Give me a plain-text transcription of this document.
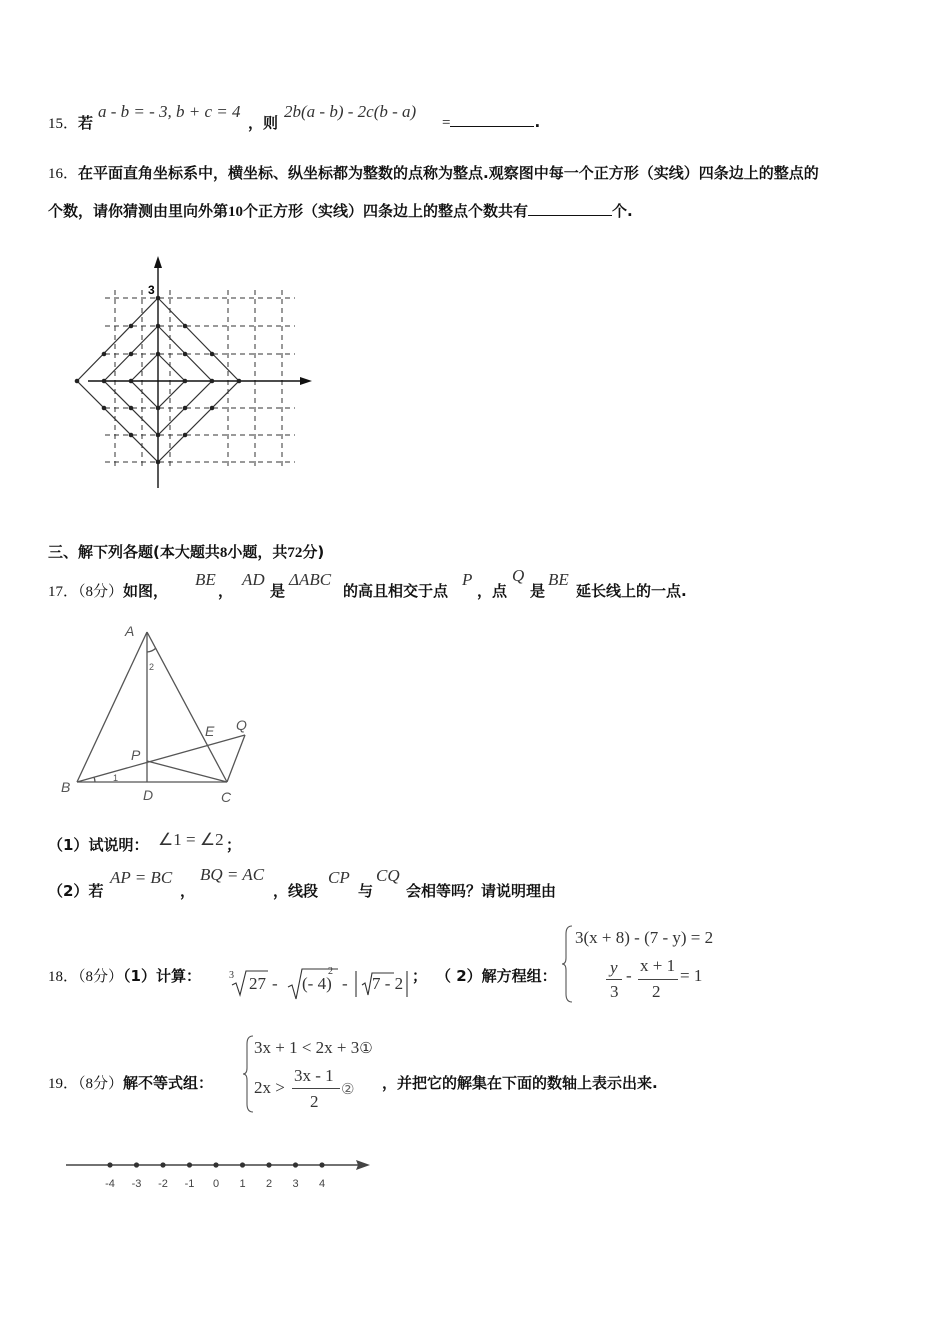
15．若
a - b = - 3, b + c = 4
，则
2b(a - b) - 2c(b - a)
=	.
16．在平面直角坐标系中，横坐标、纵坐标都为整数的点称为整点.观察图中每一个正方形（实线）四条边上的整点的
个数，请你猜测由里向外第10个正方形（实线）四条边上的整点个数共有	个.
3
三、解下列各题(本大题共8小题，共72分)
17．（8分）如图，
BE
，
AD
是
ΔABC
的高且相交于点
P
，点
Q
是
BE
延长线上的一点.
A
B
C
D
E
P
Q
1
2
（1）试说明： ∠1 = ∠2 ；
（2）若
AP = BC
，
BQ = AC
，线段
CP
与
CQ
会相等吗？请说明理由
18．（8分）（1）计算：	3 27 - (- 4)
2
- 7 - 2 ； （ 2）解方程组：
3(x + 8) - (7 - y) = 2
y
3
-
x + 1
2
= 1
19．（8分）解不等式组：
3x + 1 < 2x + 3①
2x >
3x - 1
2
② ，并把它的解集在下面的数轴上表示出来.
-4 -3 -2 -1 0 1 2 3 4
